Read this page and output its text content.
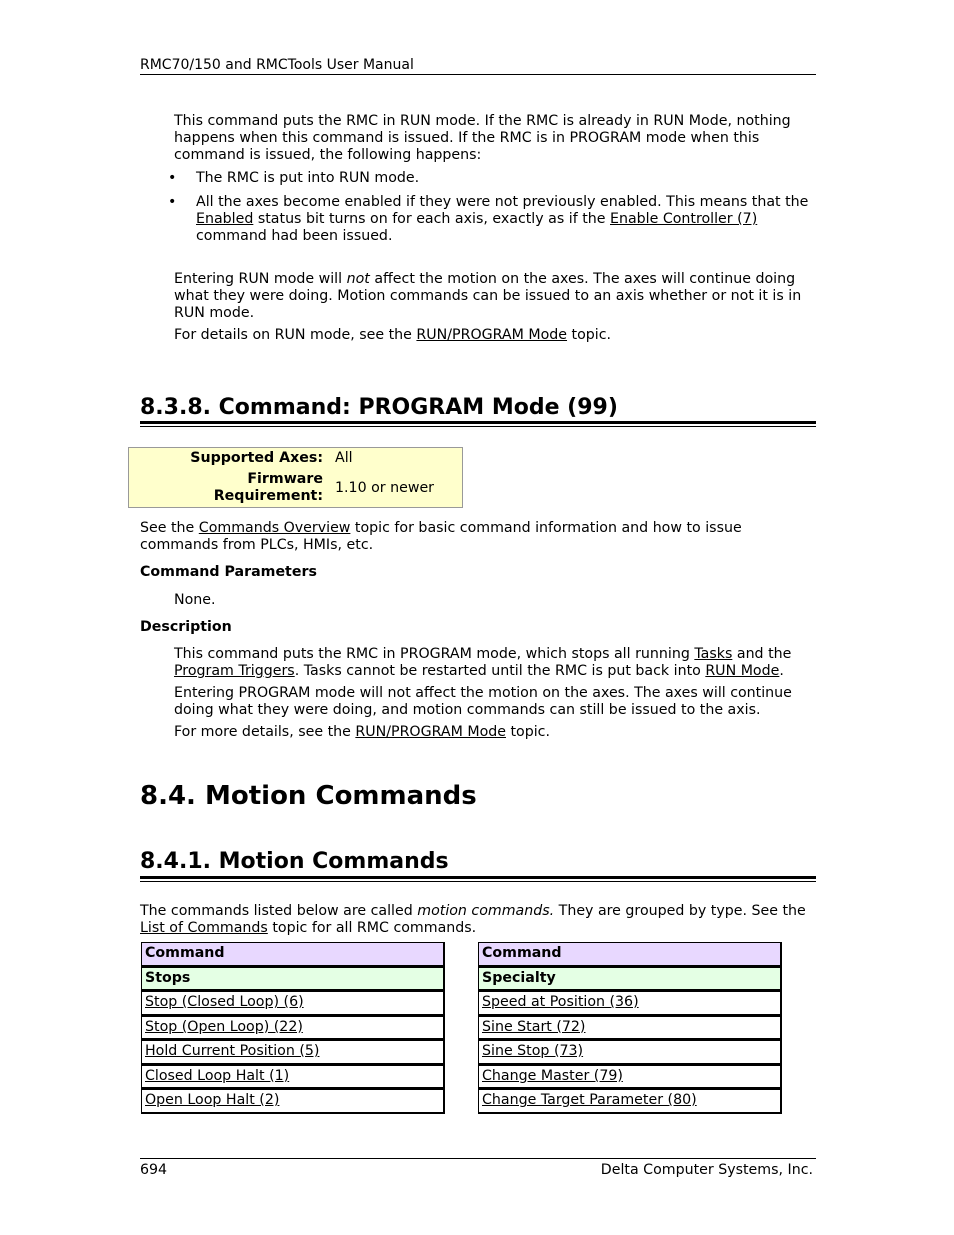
RMC70/150 and RMCTools User Manual

This command puts the RMC in RUN mode. If the RMC is already in RUN Mode, nothing happens when this command is issued. If the RMC is in PROGRAM mode when this command is issued, the following happens:

• The RMC is put into RUN mode.
• All the axes become enabled if they were not previously enabled. This means that the Enabled status bit turns on for each axis, exactly as if the Enable Controller (7) command had been issued.

Entering RUN mode will not affect the motion on the axes. The axes will continue doing what they were doing. Motion commands can be issued to an axis whether or not it is in RUN mode.

For details on RUN mode, see the RUN/PROGRAM Mode topic.

8.3.8. Command: PROGRAM Mode (99)
Supported Axes:	All
Firmware Requirement:	1.10 or newer

See the Commands Overview topic for basic command information and how to issue commands from PLCs, HMIs, etc.

Command Parameters

None.

Description

This command puts the RMC in PROGRAM mode, which stops all running Tasks and the Program Triggers. Tasks cannot be restarted until the RMC is put back into RUN Mode.

Entering PROGRAM mode will not affect the motion on the axes. The axes will continue doing what they were doing, and motion commands can still be issued to the axis.

For more details, see the RUN/PROGRAM Mode topic.

8.4. Motion Commands
8.4.1. Motion Commands

The commands listed below are called motion commands. They are grouped by type. See the List of Commands topic for all RMC commands.

Command
Stops
Stop (Closed Loop) (6)
Stop (Open Loop) (22)
Hold Current Position (5)
Closed Loop Halt (1)
Open Loop Halt (2)
Command
Specialty
Speed at Position (36)
Sine Start (72)
Sine Stop (73)
Change Master (79)
Change Target Parameter (80)
694	Delta Computer Systems, Inc.
